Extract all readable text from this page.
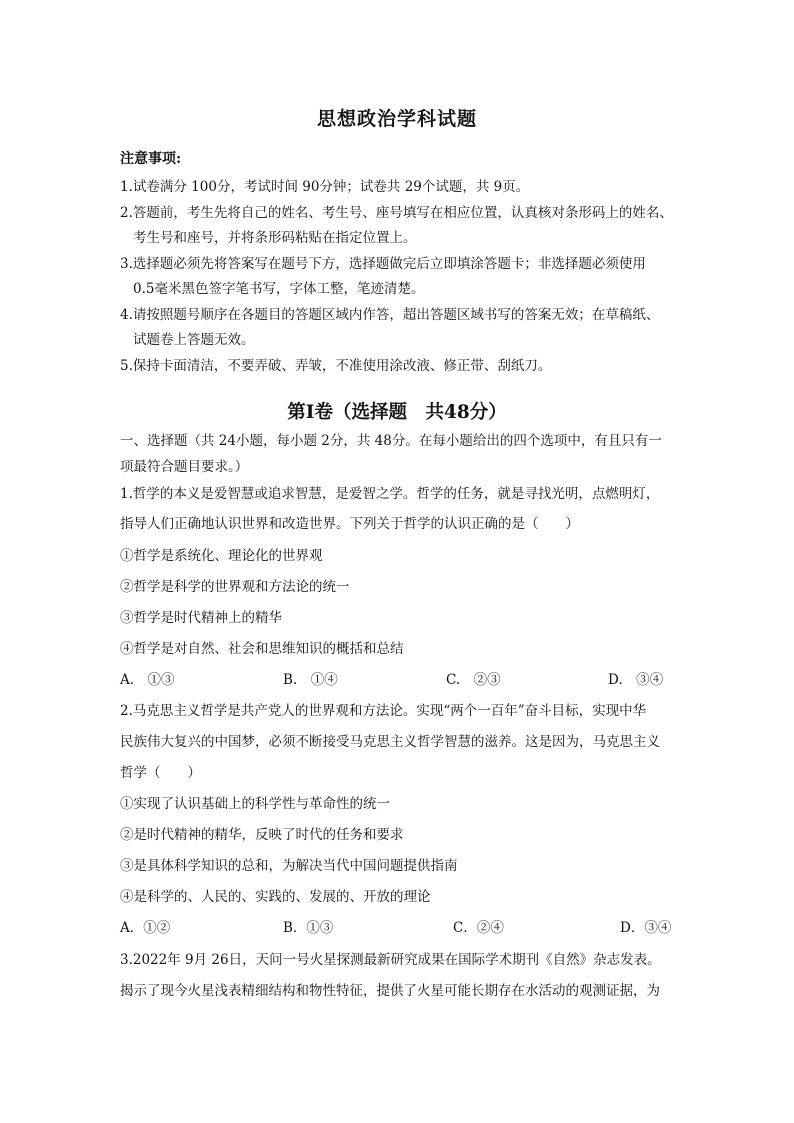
思想政治学科试题
注意事项:
1.试卷满分 100分，考试时间 90分钟；试卷共 29个试题，共 9页。
2.答题前，考生先将自己的姓名、考生号、座号填写在相应位置，认真核对条形码上的姓名、
考生号和座号，并将条形码粘贴在指定位置上。
3.选择题必须先将答案写在题号下方，选择题做完后立即填涂答题卡；非选择题必须使用
0.5毫米黑色签字笔书写，字体工整，笔迹清楚。
4.请按照题号顺序在各题目的答题区域内作答，超出答题区域书写的答案无效；在草稿纸、
试题卷上答题无效。
5.保持卡面清洁，不要弄破、弄皱，不准使用涂改液、修正带、刮纸刀。
第Ⅰ卷（选择题　共48分）
一、选择题（共 24小题，每小题 2分，共 48分。在每小题给出的四个选项中，有且只有一
项最符合题目要求。）
1.哲学的本义是爱智慧或追求智慧，是爱智之学。哲学的任务，就是寻找光明，点燃明灯，
指导人们正确地认识世界和改造世界。下列关于哲学的认识正确的是（　　）
①哲学是系统化、理论化的世界观
②哲学是科学的世界观和方法论的统一
③哲学是时代精神上的精华
④哲学是对自然、社会和思维知识的概括和总结
A.　①③	B.　①④	C.　②③	D.　③④
2.马克思主义哲学是共产党人的世界观和方法论。实现“两个一百年”奋斗目标，实现中华
民族伟大复兴的中国梦，必须不断接受马克思主义哲学智慧的滋养。这是因为，马克思主义
哲学（　　）
①实现了认识基础上的科学性与革命性的统一
②是时代精神的精华，反映了时代的任务和要求
③是具体科学知识的总和，为解决当代中国问题提供指南
④是科学的、人民的、实践的、发展的、开放的理论
A．①②	B．①③	C．②④	D．③④
3.2022年 9月 26日，天问一号火星探测最新研究成果在国际学术期刊《自然》杂志发表。
揭示了现今火星浅表精细结构和物性特征，提供了火星可能长期存在水活动的观测证据，为
